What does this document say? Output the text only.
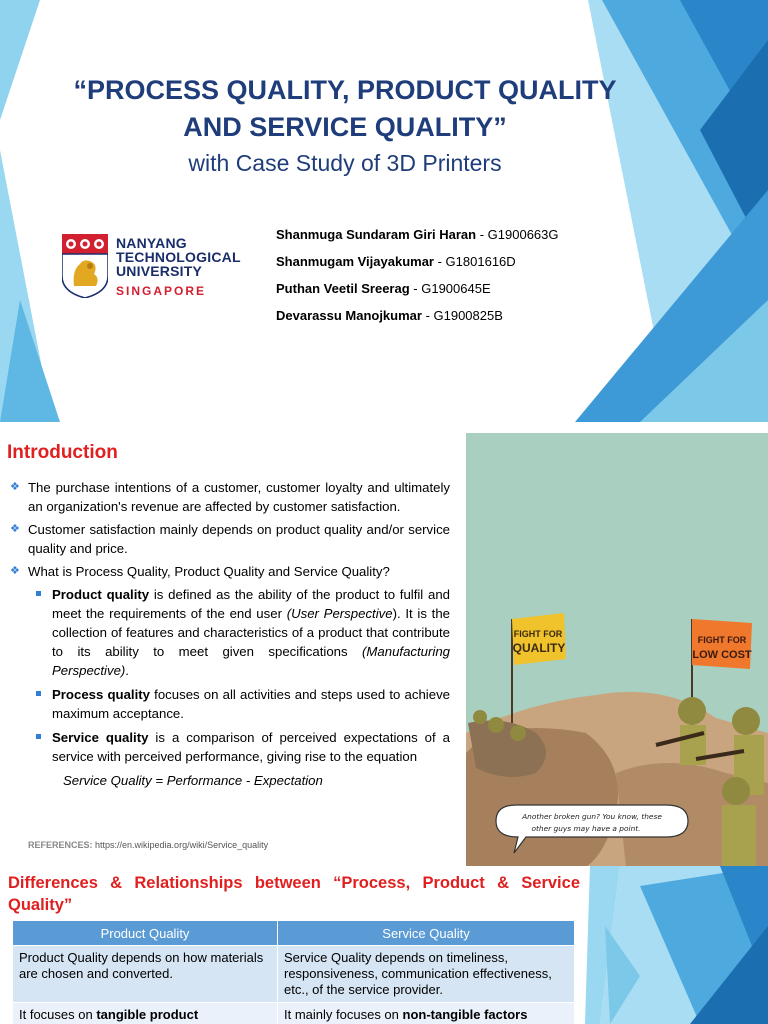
“PROCESS QUALITY, PRODUCT QUALITY AND SERVICE QUALITY”
with Case Study of 3D Printers
NANYANG
TECHNOLOGICAL
UNIVERSITY
SINGAPORE
Shanmuga Sundaram Giri Haran - G1900663G
Shanmugam Vijayakumar - G1801616D
Puthan Veetil Sreerag - G1900645E
Devarassu Manojkumar - G1900825B
Introduction
❖ The purchase intentions of a customer, customer loyalty and ultimately an organization's revenue are affected by customer satisfaction.
❖ Customer satisfaction mainly depends on product quality and/or service quality and price.
❖ What is Process Quality, Product Quality and Service Quality?
Product quality is defined as the ability of the product to fulfil and meet the requirements of the end user (User Perspective). It is the collection of features and characteristics of a product that contribute to its ability to meet given specifications (Manufacturing Perspective).
Process quality focuses on all activities and steps used to achieve maximum acceptance.
Service quality is a comparison of perceived expectations of a service with perceived performance, giving rise to the equation
Service Quality = Performance - Expectation
REFERENCES: https://en.wikipedia.org/wiki/Service_quality
FIGHT FOR
QUALITY
FIGHT FOR
LOW COST
Another broken gun? You know, these
other guys may have a point.
Differences & Relationships between “Process, Product & Service Quality”
Product Quality	Service Quality
Product Quality depends on how materials are chosen and converted.	Service Quality depends on timeliness, responsiveness, communication effectiveness, etc., of the service provider.
It focuses on tangible product	It mainly focuses on non-tangible factors
